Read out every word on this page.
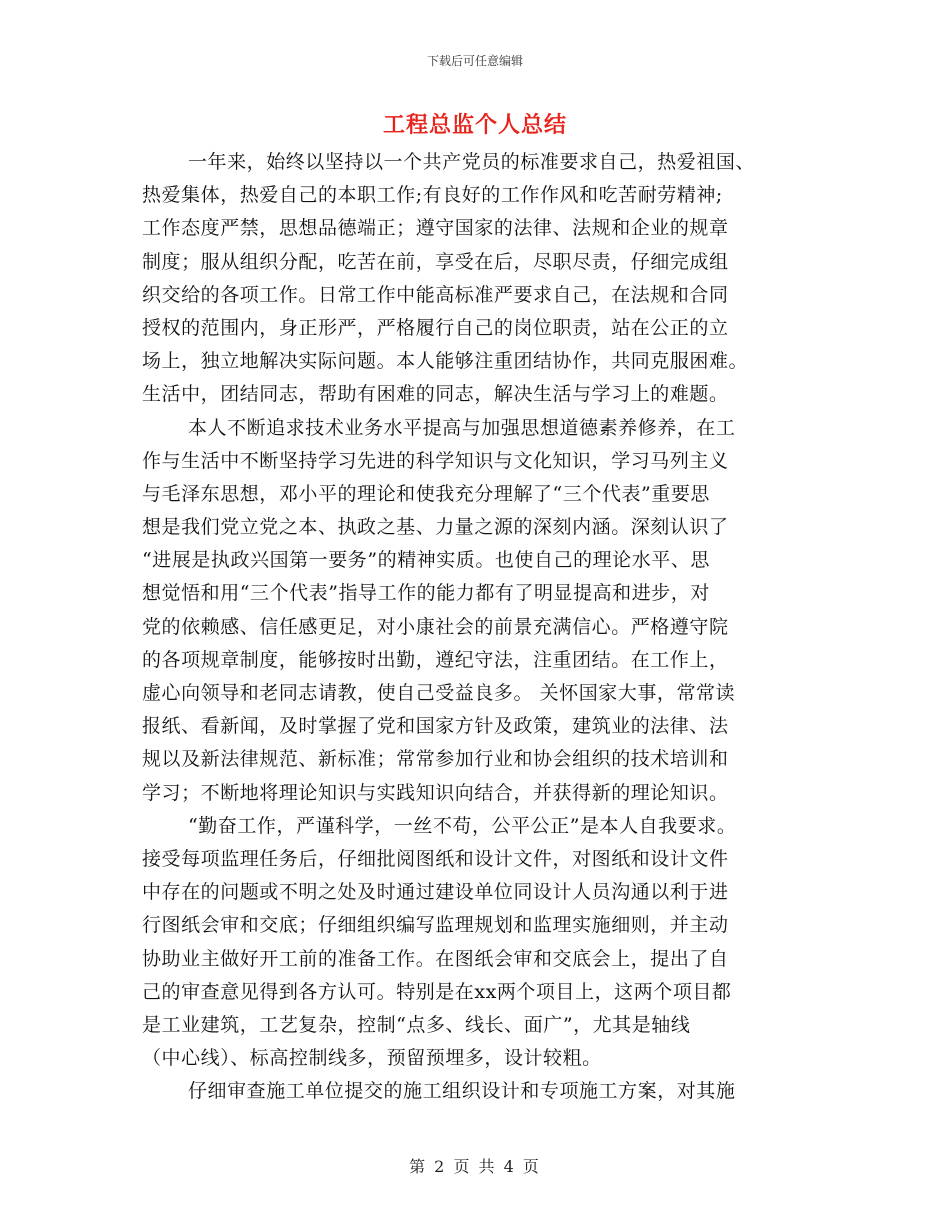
下载后可任意编辑
工程总监个人总结
一年来，始终以坚持以一个共产党员的标准要求自己，热爱祖国、
热爱集体，热爱自己的本职工作;有良好的工作作风和吃苦耐劳精神;
工作态度严禁，思想品德端正；遵守国家的法律、法规和企业的规章
制度；服从组织分配，吃苦在前，享受在后，尽职尽责，仔细完成组
织交给的各项工作。日常工作中能高标准严要求自己，在法规和合同
授权的范围内，身正形严，严格履行自己的岗位职责，站在公正的立
场上，独立地解决实际问题。本人能够注重团结协作，共同克服困难。
生活中，团结同志，帮助有困难的同志，解决生活与学习上的难题。
本人不断追求技术业务水平提高与加强思想道德素养修养，在工
作与生活中不断坚持学习先进的科学知识与文化知识，学习马列主义
与毛泽东思想，邓小平的理论和使我充分理解了“三个代表”重要思
想是我们党立党之本、执政之基、力量之源的深刻内涵。深刻认识了
“进展是执政兴国第一要务”的精神实质。也使自己的理论水平、思
想觉悟和用“三个代表”指导工作的能力都有了明显提高和进步，对
党的依赖感、信任感更足，对小康社会的前景充满信心。严格遵守院
的各项规章制度，能够按时出勤，遵纪守法，注重团结。在工作上，
虚心向领导和老同志请教，使自己受益良多。 关怀国家大事，常常读
报纸、看新闻，及时掌握了党和国家方针及政策，建筑业的法律、法
规以及新法律规范、新标准；常常参加行业和协会组织的技术培训和
学习；不断地将理论知识与实践知识向结合，并获得新的理论知识。
“勤奋工作，严谨科学，一丝不苟，公平公正”是本人自我要求。
接受每项监理任务后，仔细批阅图纸和设计文件，对图纸和设计文件
中存在的问题或不明之处及时通过建设单位同设计人员沟通以利于进
行图纸会审和交底；仔细组织编写监理规划和监理实施细则，并主动
协助业主做好开工前的准备工作。在图纸会审和交底会上，提出了自
己的审查意见得到各方认可。特别是在xx两个项目上，这两个项目都
是工业建筑，工艺复杂，控制“点多、线长、面广”，尤其是轴线
（中心线）、标高控制线多，预留预埋多，设计较粗。
仔细审查施工单位提交的施工组织设计和专项施工方案，对其施
第 2 页 共 4 页
